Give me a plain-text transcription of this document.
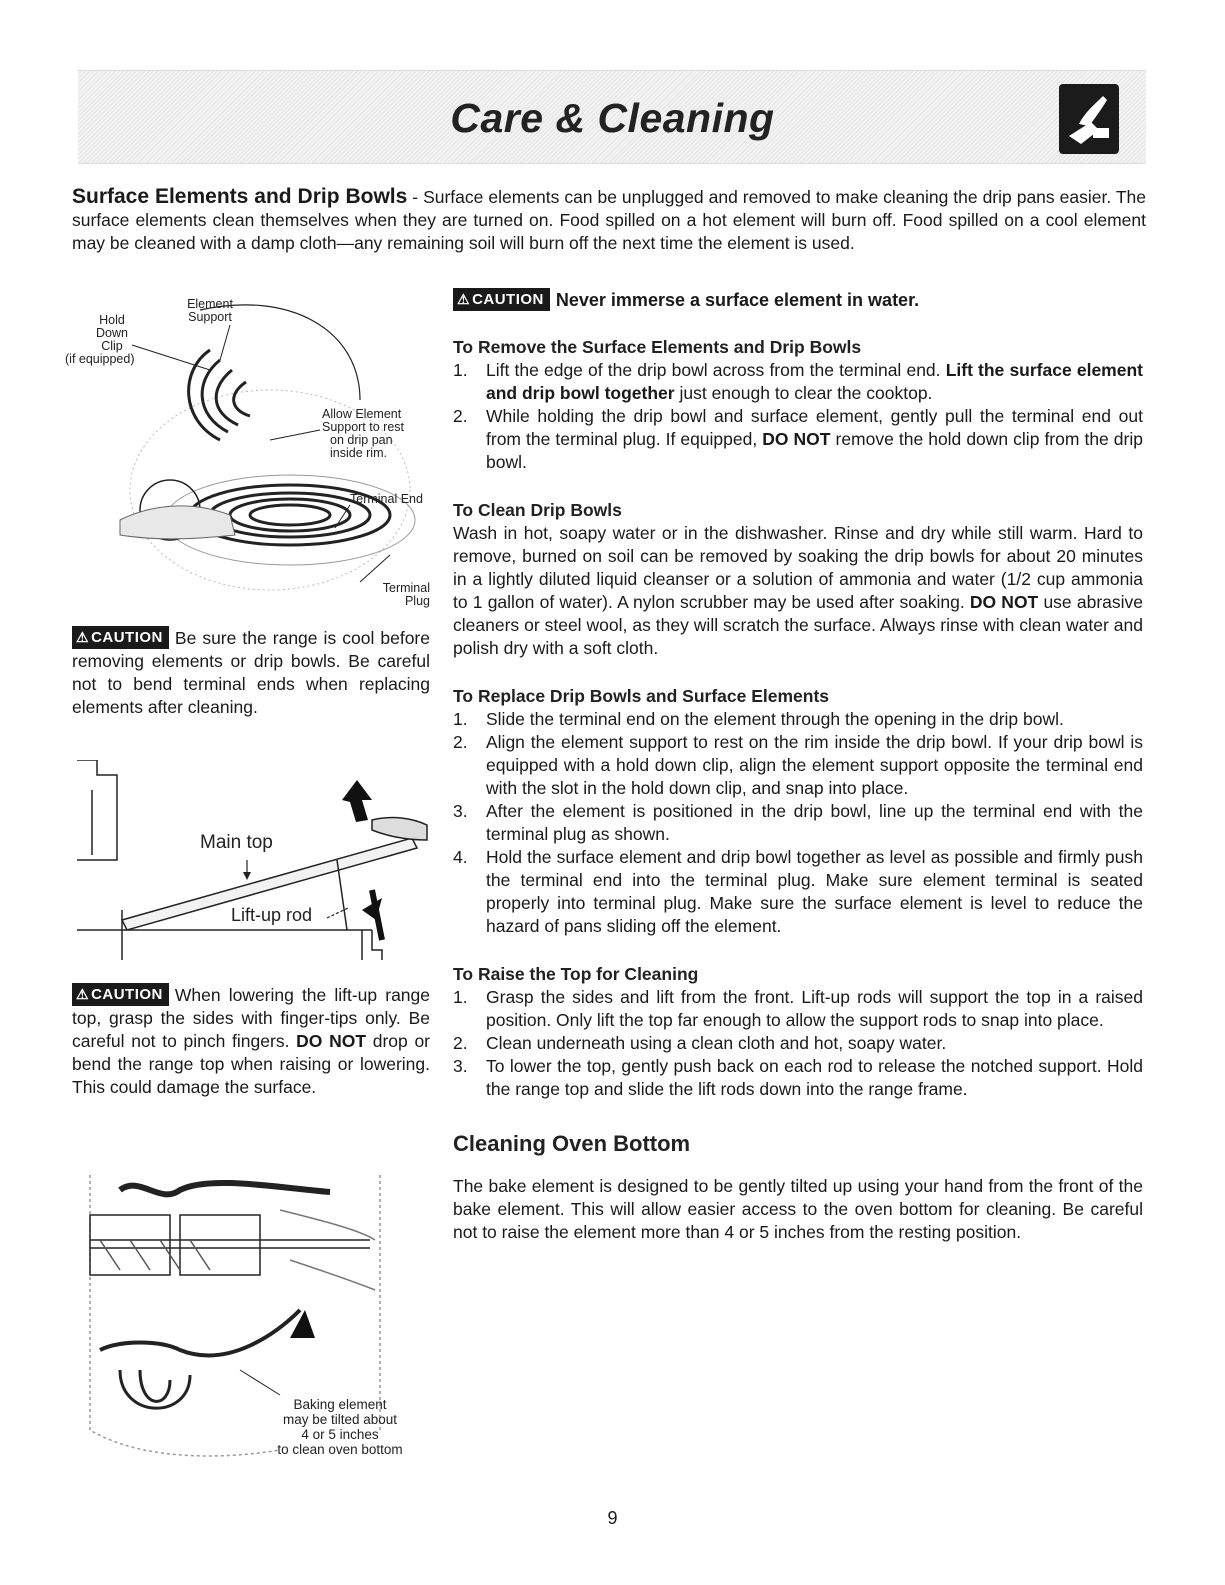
Care & Cleaning
Surface Elements and Drip Bowls - Surface elements can be unplugged and removed to make cleaning the drip pans easier. The surface elements clean themselves when they are turned on. Food spilled on a hot element will burn off. Food spilled on a cool element may be cleaned with a damp cloth—any remaining soil will burn off the next time the element is used.
Hold
Down
Clip
(if equipped)
Element
Support
Allow Element
Support to rest
on drip pan
inside rim.
Terminal End
Terminal
Plug
⚠ CAUTION Be sure the range is cool before removing elements or drip bowls. Be careful not to bend terminal ends when replacing elements after cleaning.
Main top
Lift-up rod
⚠ CAUTION When lowering the lift-up range top, grasp the sides with finger-tips only. Be careful not to pinch fingers. DO NOT drop or bend the range top when raising or lowering. This could damage the surface.
Baking element
may be tilted about
4 or 5 inches
to clean oven bottom
⚠ CAUTION Never immerse a surface element in water.
To Remove the Surface Elements and Drip Bowls
1. Lift the edge of the drip bowl across from the terminal end. Lift the surface element and drip bowl together just enough to clear the cooktop.
2. While holding the drip bowl and surface element, gently pull the terminal end out from the terminal plug. If equipped, DO NOT remove the hold down clip from the drip bowl.
To Clean Drip Bowls
Wash in hot, soapy water or in the dishwasher. Rinse and dry while still warm. Hard to remove, burned on soil can be removed by soaking the drip bowls for about 20 minutes in a lightly diluted liquid cleanser or a solution of ammonia and water (1/2 cup ammonia to 1 gallon of water). A nylon scrubber may be used after soaking. DO NOT use abrasive cleaners or steel wool, as they will scratch the surface. Always rinse with clean water and polish dry with a soft cloth.
To Replace Drip Bowls and Surface Elements
1. Slide the terminal end on the element through the opening in the drip bowl.
2. Align the element support to rest on the rim inside the drip bowl. If your drip bowl is equipped with a hold down clip, align the element support opposite the terminal end with the slot in the hold down clip, and snap into place.
3. After the element is positioned in the drip bowl, line up the terminal end with the terminal plug as shown.
4. Hold the surface element and drip bowl together as level as possible and firmly push the terminal end into the terminal plug. Make sure element terminal is seated properly into terminal plug. Make sure the surface element is level to reduce the hazard of pans sliding off the element.
To Raise the Top for Cleaning
1. Grasp the sides and lift from the front. Lift-up rods will support the top in a raised position. Only lift the top far enough to allow the support rods to snap into place.
2. Clean underneath using a clean cloth and hot, soapy water.
3. To lower the top, gently push back on each rod to release the notched support. Hold the range top and slide the lift rods down into the range frame.
Cleaning Oven Bottom
The bake element is designed to be gently tilted up using your hand from the front of the bake element. This will allow easier access to the oven bottom for cleaning. Be careful not to raise the element more than 4 or 5 inches from the resting position.
9
